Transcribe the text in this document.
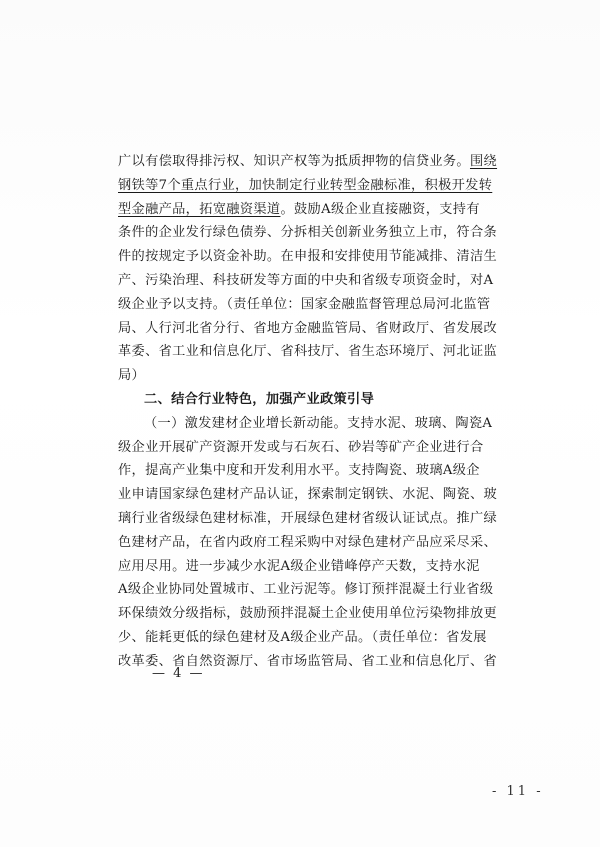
广以有偿取得排污权、知识产权等为抵质押物的信贷业务。围绕
钢铁等7个重点行业，加快制定行业转型金融标准，积极开发转
型金融产品，拓宽融资渠道。鼓励A级企业直接融资，支持有
条件的企业发行绿色债券、分拆相关创新业务独立上市，符合条
件的按规定予以资金补助。在申报和安排使用节能减排、清洁生
产、污染治理、科技研发等方面的中央和省级专项资金时，对A
级企业予以支持。（责任单位：国家金融监督管理总局河北监管
局、人行河北省分行、省地方金融监管局、省财政厅、省发展改
革委、省工业和信息化厅、省科技厅、省生态环境厅、河北证监
局）
二、结合行业特色，加强产业政策引导
（一）激发建材企业增长新动能。支持水泥、玻璃、陶瓷A
级企业开展矿产资源开发或与石灰石、砂岩等矿产企业进行合
作，提高产业集中度和开发利用水平。支持陶瓷、玻璃A级企
业申请国家绿色建材产品认证，探索制定钢铁、水泥、陶瓷、玻
璃行业省级绿色建材标准，开展绿色建材省级认证试点。推广绿
色建材产品，在省内政府工程采购中对绿色建材产品应采尽采、
应用尽用。进一步减少水泥A级企业错峰停产天数，支持水泥
A级企业协同处置城市、工业污泥等。修订预拌混凝土行业省级
环保绩效分级指标，鼓励预拌混凝土企业使用单位污染物排放更
少、能耗更低的绿色建材及A级企业产品。（责任单位：省发展
改革委、省自然资源厅、省市场监管局、省工业和信息化厅、省
— 4 —
- 11 -
